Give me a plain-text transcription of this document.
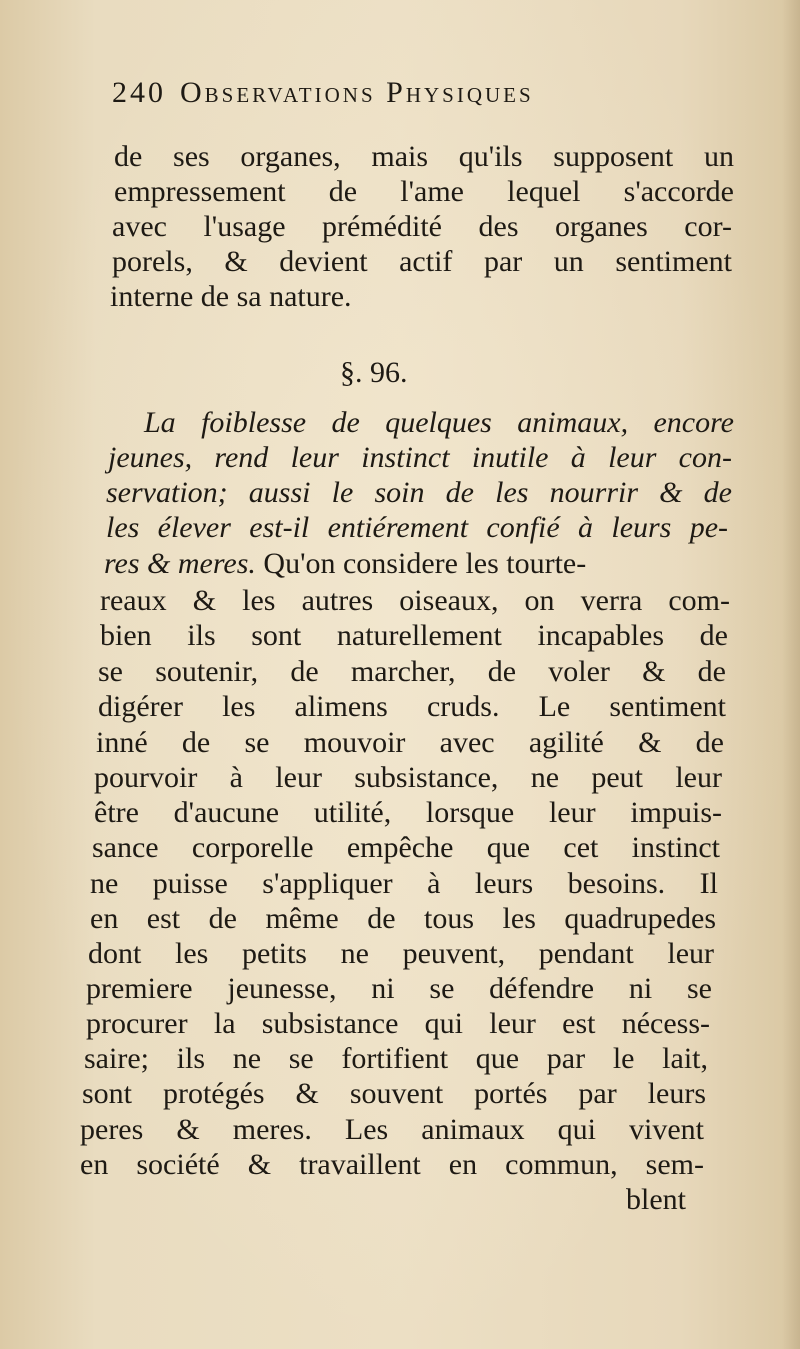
240 Observations Physiques
de ses organes, mais qu'ils supposent un
empressement de l'ame lequel s'accorde
avec l'usage prémédité des organes cor-
porels, & devient actif par un sentiment
interne de sa nature.
§. 96.
La foiblesse de quelques animaux, encore
jeunes, rend leur instinct inutile à leur con-
servation; aussi le soin de les nourrir & de
les élever est-il entiérement confié à leurs pe-
res & meres. Qu'on considere les tourte-
reaux & les autres oiseaux, on verra com-
bien ils sont naturellement incapables de
se soutenir, de marcher, de voler & de
digérer les alimens cruds. Le sentiment
inné de se mouvoir avec agilité & de
pourvoir à leur subsistance, ne peut leur
être d'aucune utilité, lorsque leur impuis-
sance corporelle empêche que cet instinct
ne puisse s'appliquer à leurs besoins. Il
en est de même de tous les quadrupedes
dont les petits ne peuvent, pendant leur
premiere jeunesse, ni se défendre ni se
procurer la subsistance qui leur est nécess-
saire; ils ne se fortifient que par le lait,
sont protégés & souvent portés par leurs
peres & meres. Les animaux qui vivent
en société & travaillent en commun, sem-
blent
